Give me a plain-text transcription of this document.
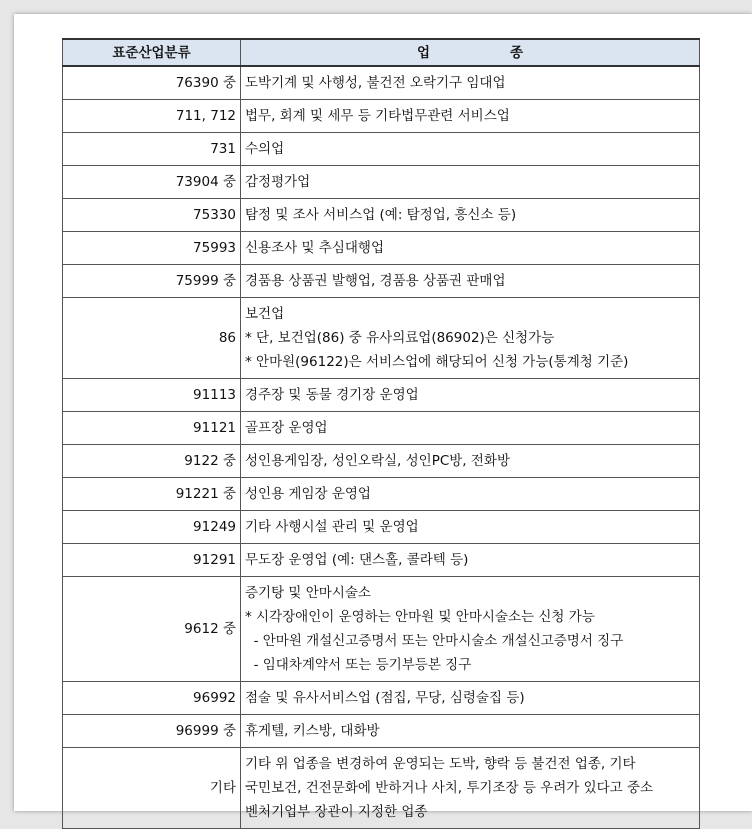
표준산업분류	업 종
76390 중	도박기계 및 사행성, 불건전 오락기구 임대업

711, 712	법무, 회계 및 세무 등 기타법무관련 서비스업

731	수의업

73904 중	감정평가업

75330	탐정 및 조사 서비스업 (예: 탐정업, 흥신소 등)

75993	신용조사 및 추심대행업

75999 중	경품용 상품권 발행업, 경품용 상품권 판매업

86	보건업
* 단, 보건업(86) 중 유사의료업(86902)은 신청가능
* 안마원(96122)은 서비스업에 해당되어 신청 가능(통계청 기준)

91113	경주장 및 동물 경기장 운영업

91121	골프장 운영업

9122 중	성인용게임장, 성인오락실, 성인PC방, 전화방

91221 중	성인용 게임장 운영업

91249	기타 사행시설 관리 및 운영업

91291	무도장 운영업 (예: 댄스홀, 콜라텍 등)

9612 중	증기탕 및 안마시술소
* 시각장애인이 운영하는 안마원 및 안마시술소는 신청 가능
- 안마원 개설신고증명서 또는 안마시술소 개설신고증명서 징구
- 임대차계약서 또는 등기부등본 징구

96992	점술 및 유사서비스업 (점집, 무당, 심령술집 등)

96999 중	휴게텔, 키스방, 대화방

기타	기타 위 업종을 변경하여 운영되는 도박, 향락 등 불건전 업종, 기타
국민보건, 건전문화에 반하거나 사치, 투기조장 등 우려가 있다고 중소
벤처기업부 장관이 지정한 업종
